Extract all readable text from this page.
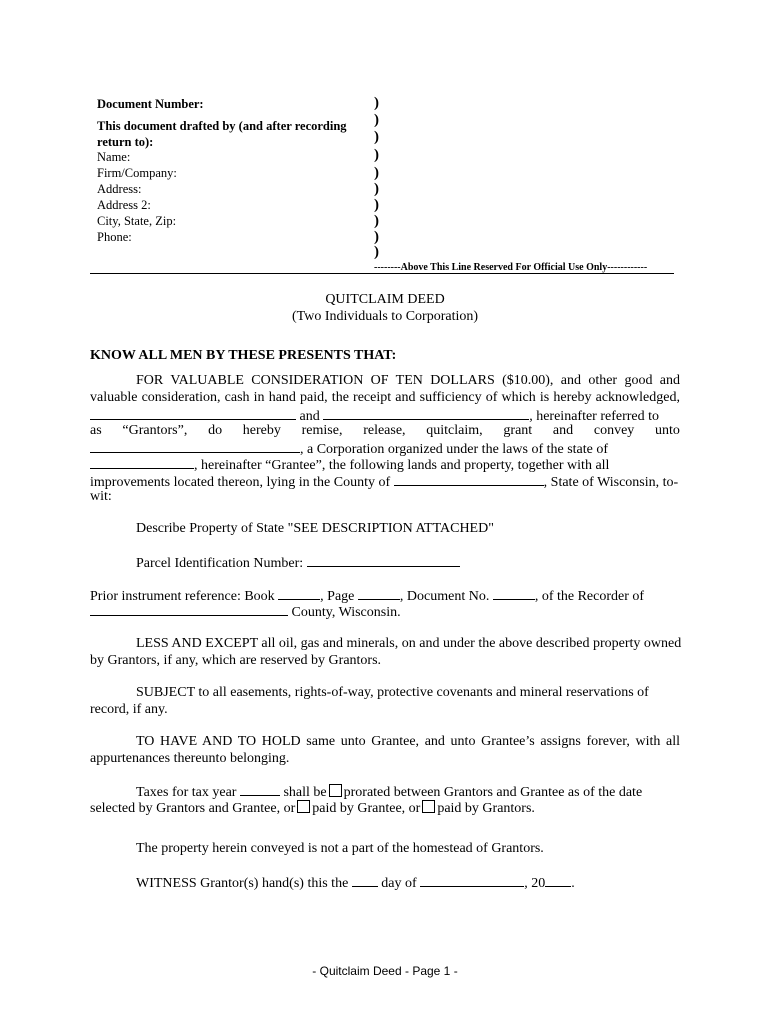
Document Number:
This document drafted by (and after recording
return to):
Name:
Firm/Company:
Address:
Address 2:
City, State, Zip:
Phone:
)
)
)
)
)
)
)
)
)
)
--------Above This Line Reserved For Official Use Only------------
QUITCLAIM DEED
(Two Individuals to Corporation)
KNOW ALL MEN BY THESE PRESENTS THAT:
FOR VALUABLE CONSIDERATION OF TEN DOLLARS ($10.00), and other good and
valuable consideration, cash in hand paid, the receipt and sufficiency of which is hereby acknowledged,
and	, hereinafter referred to
as “Grantors”, do hereby remise, release, quitclaim, grant and convey unto
, a Corporation organized under the laws of the state of
, hereinafter “Grantee”, the following lands and property, together with all
improvements located thereon, lying in the County of	, State of Wisconsin, to-
wit:
Describe Property of State "SEE DESCRIPTION ATTACHED"
Parcel Identification Number:
Prior instrument reference: Book	, Page	, Document No.	, of the Recorder of
County, Wisconsin.
LESS AND EXCEPT all oil, gas and minerals, on and under the above described property owned
by Grantors, if any, which are reserved by Grantors.
SUBJECT to all easements, rights-of-way, protective covenants and mineral reservations of
record, if any.
TO HAVE AND TO HOLD same unto Grantee, and unto Grantee’s assigns forever, with all
appurtenances thereunto belonging.
Taxes for tax year	shall be prorated between Grantors and Grantee as of the date
selected by Grantors and Grantee, or paid by Grantee, or paid by Grantors.
The property herein conveyed is not a part of the homestead of Grantors.
WITNESS Grantor(s) hand(s) this the day of	, 20 .
- Quitclaim Deed - Page 1 -
